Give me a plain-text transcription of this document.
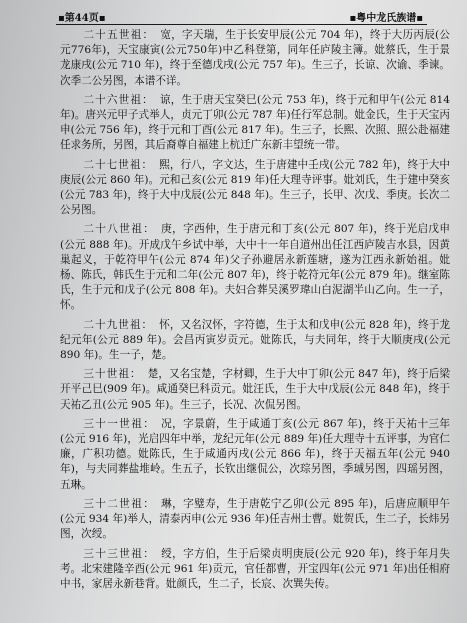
▪第44页▪	▪粤中龙氏族谱▪

二十五世祖： 宽，字天瑞，生于长安甲辰(公元 704 年)，终于大历丙辰(公元776年)，天宝康寅(公元750年)中乙科登第，同年任庐陵主簿。妣蔡氏，生于景龙康戌(公元 710 年)，终于至德戊戌(公元 757 年)。生三子，长谅、次谕、季谏。次季二公另图，本谱不详。

二十六世祖： 谅，生于唐天宝癸巳(公元 753 年)，终于元和甲午(公元 814 年)。唐兴元甲子式举人，贞元丁卯(公元 787 年)任行军总制。妣金氏，生于天宝丙申(公元 756 年)，终于元和丁酉(公元 817 年)。生三子，长熙、次照、照公赴福建任求务所，另图，其后裔尊自福建上杭迁广东新丰望统一带。

二十七世祖： 熙，行八，字文达，生于唐建中壬戌(公元 782 年)，终于大中庚辰(公元 860 年)。元和己亥(公元 819 年)任大理寺评事。妣刘氏，生于建中癸亥(公元 783 年)，终于大中戊辰(公元 848 年)。生三子，长甲、次戊、季庚。长次二公另图。

二十八世祖： 庚，字西仲，生于唐元和丁亥(公元 807 年)，终于光启戊申(公元 888 年)。开成戊午乡试中举，大中十一年自道州出任江西庐陵吉水县，因黄巢起义，于乾符甲午(公元 874 年)父子孙避居永新莲塘，遂为江西永新始祖。妣杨、陈氏，韩氏生于元和二年(公元 807 年)，终于乾符元年(公元 879 年)。继室陈氏，生于元和戊子(公元 808 年)。夫妇合葬吴溪罗瑋山白泥湖半山乙向。生一子，怀。

二十九世祖： 怀，又名汉怀，字符德，生于太和戊申(公元 828 年)，终于龙纪元年(公元 889 年)。会昌丙寅岁贡元。妣陈氏，与夫同年，终于大顺庚戌(公元 890 年)。生一子，楚。

三十世祖： 楚，又名宝楚，字材卿，生于大中丁卯(公元 847 年)，终于后梁开平己巳(909 年)。咸通癸巳科贡元。妣汪氏，生于大中戊辰(公元 848 年)，终于天祐乙丑(公元 905 年)。生三子，长况、次侃另图。

三十一世祖： 况，字景蔚，生于咸通丁亥(公元 867 年)，终于天祐十三年(公元 916 年)，光启四年中举，龙纪元年(公元 889 年)任大理寺十五评事，为官仁廉，广积功德。妣陈氏，生于咸通丙戌(公元 866 年)，终于天福五年(公元 940 年)，与夫同葬盐堆岭。生五子，长钦出继侃公，次琮另图，季珹另图，四瑶另图，五琳。

三十二世祖： 琳，字璧寿，生于唐乾宁乙卯(公元 895 年)，后唐应顺甲午(公元 934 年)举人，清泰丙申(公元 936 年)任吉州士曹。妣贺氏，生二子，长炜另图，次绶。

三十三世祖： 绶，字方伯，生于后梁贞明庚辰(公元 920 年)，终于年月失考。北宋建隆辛酉(公元 961 年)贡元，官任都曹，开宝四年(公元 971 年)出任相府中书，家居永新巷背。妣颜氏，生二子，长宸、次巽失传。
